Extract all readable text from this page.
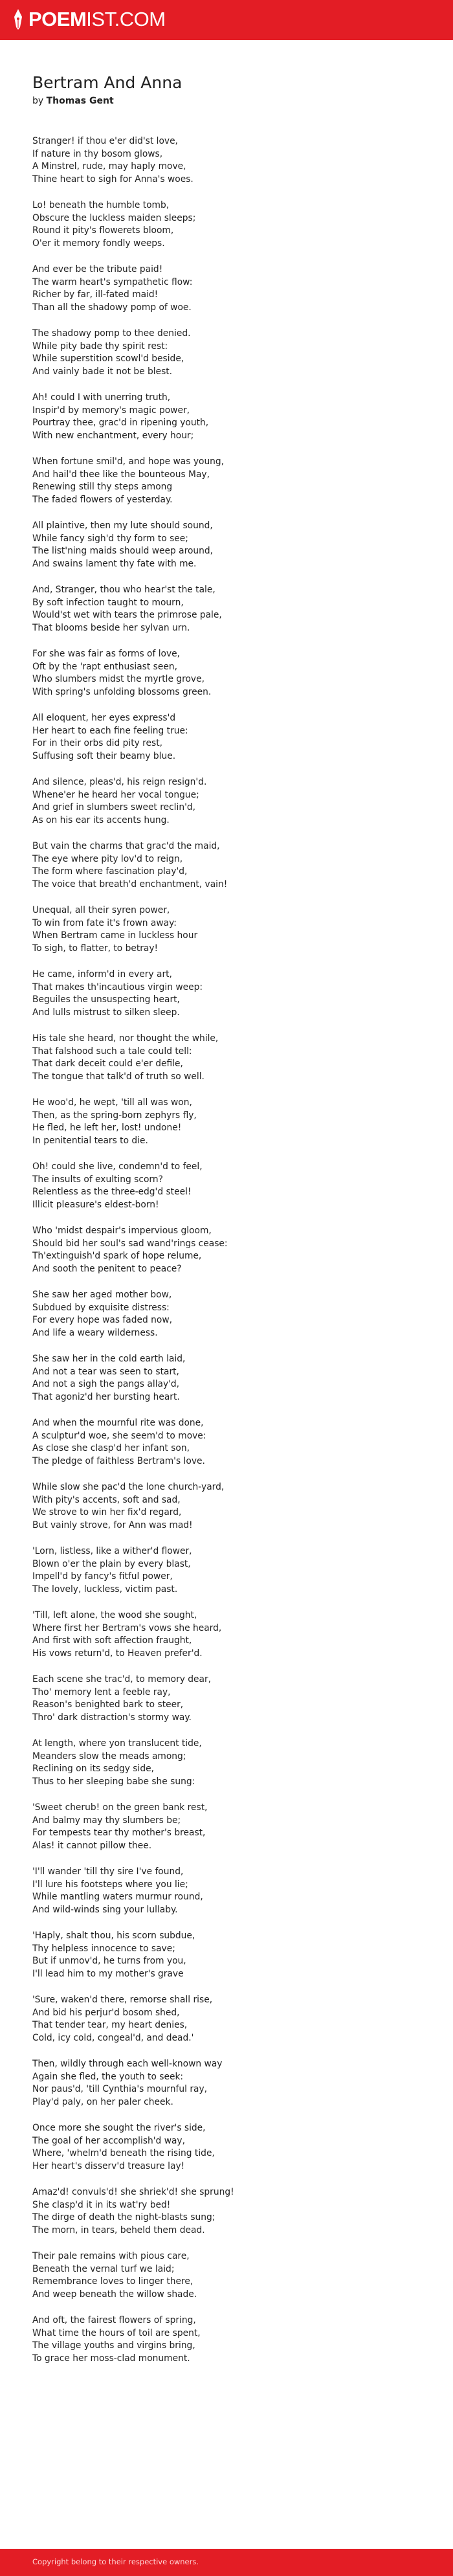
POEMIST.COM
Bertram And Anna
by Thomas Gent
Stranger! if thou e'er did'st love,
If nature in thy bosom glows,
A Minstrel, rude, may haply move,
Thine heart to sigh for Anna's woes.
Lo! beneath the humble tomb,
Obscure the luckless maiden sleeps;
Round it pity's flowerets bloom,
O'er it memory fondly weeps.
And ever be the tribute paid!
The warm heart's sympathetic flow:
Richer by far, ill-fated maid!
Than all the shadowy pomp of woe.
The shadowy pomp to thee denied.
While pity bade thy spirit rest:
While superstition scowl'd beside,
And vainly bade it not be blest.
Ah! could I with unerring truth,
Inspir'd by memory's magic power,
Pourtray thee, grac'd in ripening youth,
With new enchantment, every hour;
When fortune smil'd, and hope was young,
And hail'd thee like the bounteous May,
Renewing still thy steps among
The faded flowers of yesterday.
All plaintive, then my lute should sound,
While fancy sigh'd thy form to see;
The list'ning maids should weep around,
And swains lament thy fate with me.
And, Stranger, thou who hear'st the tale,
By soft infection taught to mourn,
Would'st wet with tears the primrose pale,
That blooms beside her sylvan urn.
For she was fair as forms of love,
Oft by the 'rapt enthusiast seen,
Who slumbers midst the myrtle grove,
With spring's unfolding blossoms green.
All eloquent, her eyes express'd
Her heart to each fine feeling true:
For in their orbs did pity rest,
Suffusing soft their beamy blue.
And silence, pleas'd, his reign resign'd.
Whene'er he heard her vocal tongue;
And grief in slumbers sweet reclin'd,
As on his ear its accents hung.
But vain the charms that grac'd the maid,
The eye where pity lov'd to reign,
The form where fascination play'd,
The voice that breath'd enchantment, vain!
Unequal, all their syren power,
To win from fate it's frown away:
When Bertram came in luckless hour
To sigh, to flatter, to betray!
He came, inform'd in every art,
That makes th'incautious virgin weep:
Beguiles the unsuspecting heart,
And lulls mistrust to silken sleep.
His tale she heard, nor thought the while,
That falshood such a tale could tell:
That dark deceit could e'er defile,
The tongue that talk'd of truth so well.
He woo'd, he wept, 'till all was won,
Then, as the spring-born zephyrs fly,
He fled, he left her, lost! undone!
In penitential tears to die.
Oh! could she live, condemn'd to feel,
The insults of exulting scorn?
Relentless as the three-edg'd steel!
Illicit pleasure's eldest-born!
Who 'midst despair's impervious gloom,
Should bid her soul's sad wand'rings cease:
Th'extinguish'd spark of hope relume,
And sooth the penitent to peace?
She saw her aged mother bow,
Subdued by exquisite distress:
For every hope was faded now,
And life a weary wilderness.
She saw her in the cold earth laid,
And not a tear was seen to start,
And not a sigh the pangs allay'd,
That agoniz'd her bursting heart.
And when the mournful rite was done,
A sculptur'd woe, she seem'd to move:
As close she clasp'd her infant son,
The pledge of faithless Bertram's love.
While slow she pac'd the lone church-yard,
With pity's accents, soft and sad,
We strove to win her fix'd regard,
But vainly strove, for Ann was mad!
'Lorn, listless, like a wither'd flower,
Blown o'er the plain by every blast,
Impell'd by fancy's fitful power,
The lovely, luckless, victim past.
'Till, left alone, the wood she sought,
Where first her Bertram's vows she heard,
And first with soft affection fraught,
His vows return'd, to Heaven prefer'd.
Each scene she trac'd, to memory dear,
Tho' memory lent a feeble ray,
Reason's benighted bark to steer,
Thro' dark distraction's stormy way.
At length, where yon translucent tide,
Meanders slow the meads among;
Reclining on its sedgy side,
Thus to her sleeping babe she sung:
'Sweet cherub! on the green bank rest,
And balmy may thy slumbers be;
For tempests tear thy mother's breast,
Alas! it cannot pillow thee.
'I'll wander 'till thy sire I've found,
I'll lure his footsteps where you lie;
While mantling waters murmur round,
And wild-winds sing your lullaby.
'Haply, shalt thou, his scorn subdue,
Thy helpless innocence to save;
But if unmov'd, he turns from you,
I'll lead him to my mother's grave
'Sure, waken'd there, remorse shall rise,
And bid his perjur'd bosom shed,
That tender tear, my heart denies,
Cold, icy cold, congeal'd, and dead.'
Then, wildly through each well-known way
Again she fled, the youth to seek:
Nor paus'd, 'till Cynthia's mournful ray,
Play'd paly, on her paler cheek.
Once more she sought the river's side,
The goal of her accomplish'd way,
Where, 'whelm'd beneath the rising tide,
Her heart's disserv'd treasure lay!
Amaz'd! convuls'd! she shriek'd! she sprung!
She clasp'd it in its wat'ry bed!
The dirge of death the night-blasts sung;
The morn, in tears, beheld them dead.
Their pale remains with pious care,
Beneath the vernal turf we laid;
Remembrance loves to linger there,
And weep beneath the willow shade.
And oft, the fairest flowers of spring,
What time the hours of toil are spent,
The village youths and virgins bring,
To grace her moss-clad monument.
Copyright belong to their respective owners.
